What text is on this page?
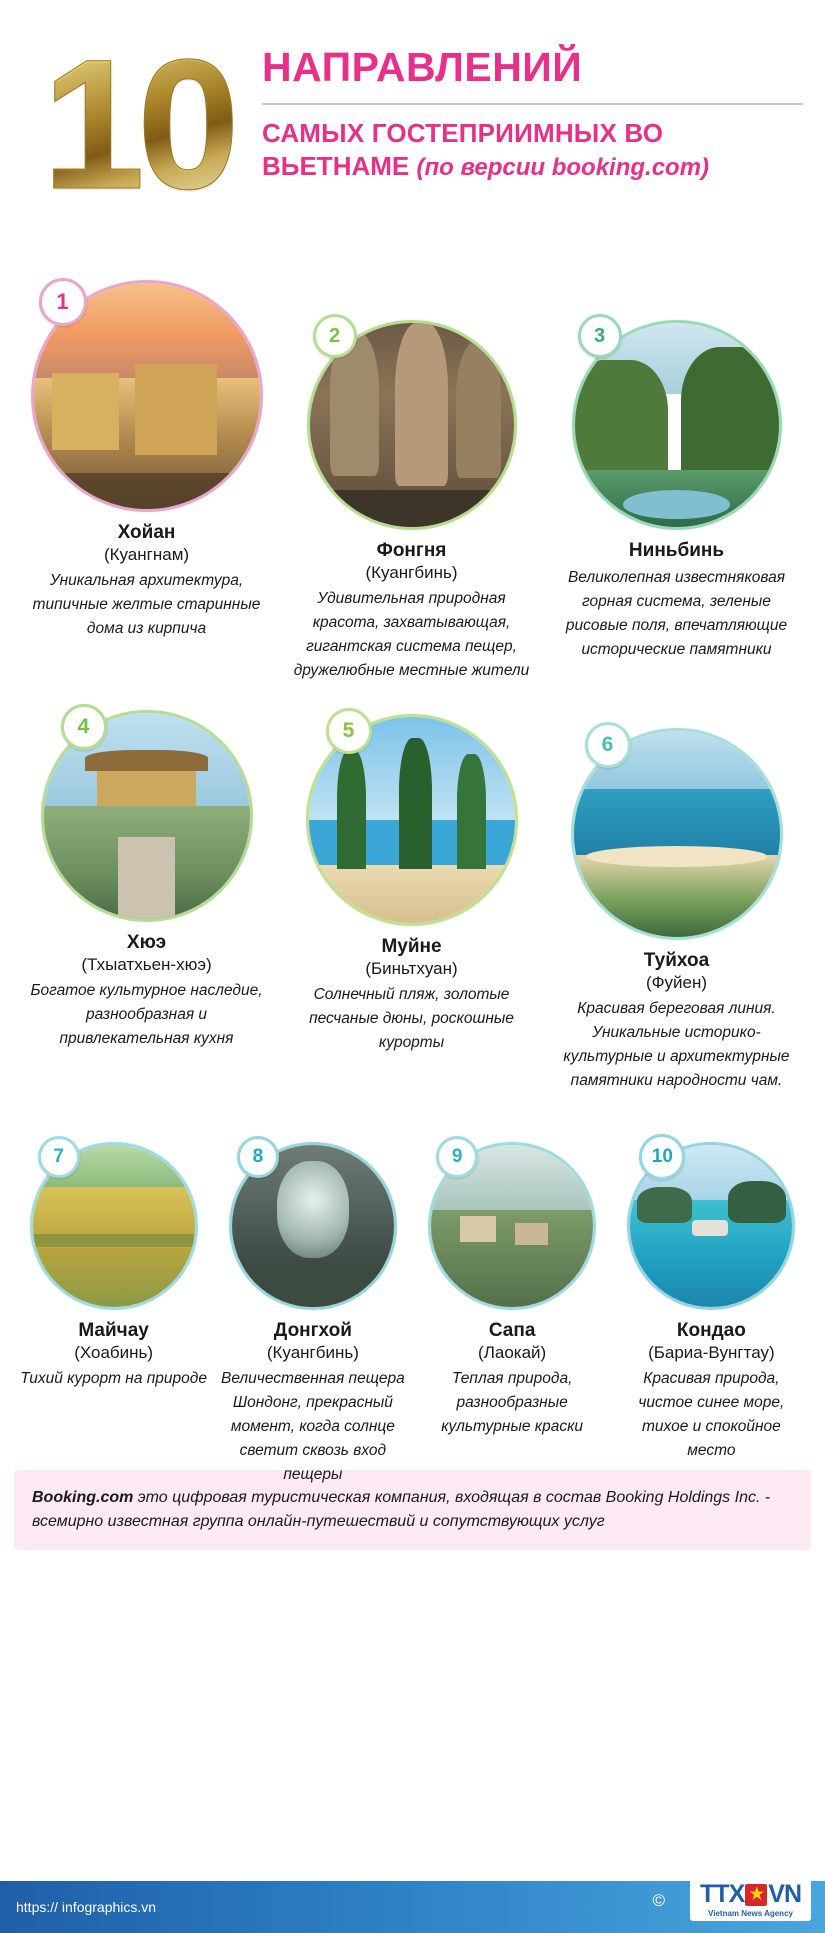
10 НАПРАВЛЕНИЙ
САМЫХ ГОСТЕПРИИМНЫХ ВО
ВЬЕТНАМЕ (по версии booking.com)
1
Хойан
(Куангнам)
Уникальная архитектура, типичные желтые старинные дома из кирпича
2
Фонгня
(Куангбинь)
Удивительная природная красота, захватывающая, гигантская система пещер, дружелюбные местные жители
3
Ниньбинь
Великолепная известняковая горная система, зеленые рисовые поля, впечатляющие исторические памятники
4
Хюэ
(Тхыатхьен-хюэ)
Богатое культурное наследие, разнообразная и привлекательная кухня
5
Муйне
(Биньтхуан)
Солнечный пляж, золотые песчаные дюны, роскошные курорты
6
Туйхоа
(Фуйен)
Красивая береговая линия. Уникальные историко-культурные и архитектурные памятники народности чам.
7
Майчау
(Хоабинь)
Тихий курорт на природе
8
Донгхой
(Куангбинь)
Величественная пещера Шондонг, прекрасный момент, когда солнце светит сквозь вход пещеры
9
Сапа
(Лаокай)
Теплая природа, разнообразные культурные краски
10
Кондао
(Бариа-Вунгтау)
Красивая природа, чистое синее море, тихое и спокойное место
Booking.com это цифровая туристическая компания, входящая в состав Booking Holdings Inc. - всемирно известная группа онлайн-путешествий и сопутствующих услуг
https:// infographics.vn	© TT X ★ VN
Vietnam News Agency
